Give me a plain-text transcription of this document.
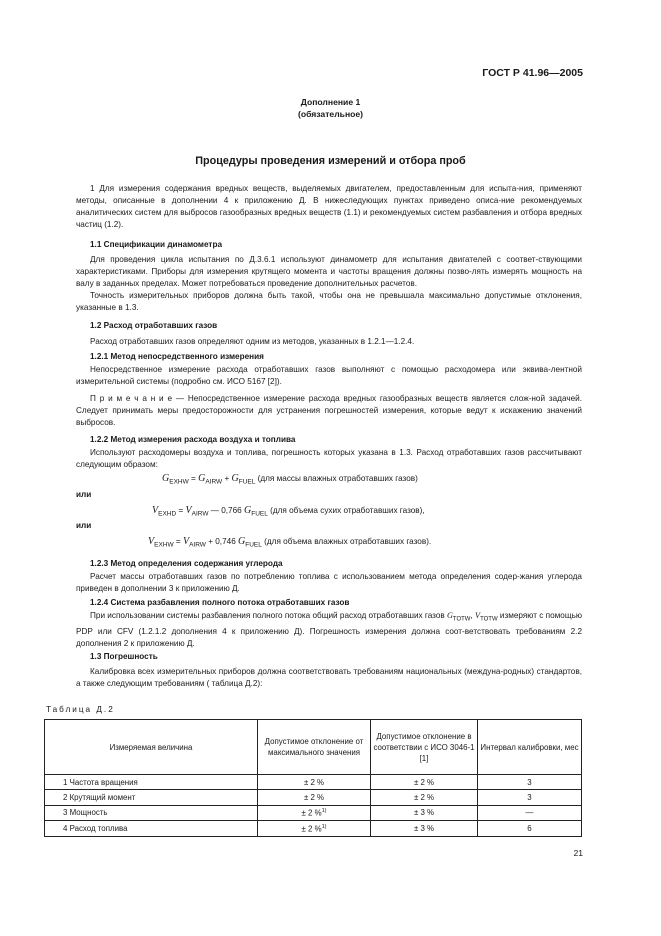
ГОСТ Р 41.96—2005
Дополнение 1
(обязательное)
Процедуры проведения измерений и отбора проб
1 Для измерения содержания вредных веществ, выделяемых двигателем, предоставленным для испыта-ния, применяют методы, описанные в дополнении 4 к приложению Д. В нижеследующих пунктах приведено описа-ние рекомендуемых аналитических систем для выбросов газообразных вредных веществ (1.1) и рекомендуемых систем разбавления и отбора вредных частиц (1.2).
1.1 Спецификации динамометра
Для проведения цикла испытания по Д.3.6.1 используют динамометр для испытания двигателей с соответ-ствующими характеристиками. Приборы для измерения крутящего момента и частоты вращения должны позво-лять измерять мощность на валу в заданных пределах. Может потребоваться проведение дополнительных расчетов.
Точность измерительных приборов должна быть такой, чтобы она не превышала максимально допустимые отклонения, указанные в 1.3.
1.2 Расход отработавших газов
Расход отработавших газов определяют одним из методов, указанных в 1.2.1—1.2.4.
1.2.1 Метод непосредственного измерения
Непосредственное измерение расхода отработавших газов выполняют с помощью расходомера или эквива-лентной измерительной системы (подробно см. ИСО 5167 [2]).
П р и м е ч а н и е — Непосредственное измерение расхода вредных газообразных веществ является слож-ной задачей. Следует принимать меры предосторожности для устранения погрешностей измерения, которые ведут к искажению значений выбросов.
1.2.2 Метод измерения расхода воздуха и топлива
Используют расходомеры воздуха и топлива, погрешность которых указана в 1.3. Расход отработавших газов рассчитывают следующим образом:
$G_{EXHW} = G_{AIRW} + G_{FUEL}$ (для массы влажных отработавших газов)
или
$V_{EXHD} = V_{AIRW}$ — 0,766 $G_{FUEL}$ (для объема сухих отработавших газов),
или
$V_{EXHW} = V_{AIRW} + 0,746$ $G_{FUEL}$ (для объема влажных отработавших газов).
1.2.3 Метод определения содержания углерода
Расчет массы отработавших газов по потреблению топлива с использованием метода определения содер-жания углерода приведен в дополнении 3 к приложению Д.
1.2.4 Система разбавления полного потока отработавших газов
При использовании системы разбавления полного потока общий расход отработавших газов $G_{TOTW}$, $V_{TOTW}$ измеряют с помощью PDP или CFV (1.2.1.2 дополнения 4 к приложению Д). Погрешность измерения должна соот-ветствовать требованиям 2.2 дополнения 2 к приложению Д.
1.3 Погрешность
Калибровка всех измерительных приборов должна соответствовать требованиям национальных (междуна-родных) стандартов, а также следующим требованиям ( таблица Д.2):
Таблица Д.2
Измеряемая величина	Допустимое отклонение от максимального значения	Допустимое отклонение в соответствии с ИСО 3046-1 [1]	Интервал калибровки, мес
1 Частота вращения	± 2 %	± 2 %	3
2 Крутящий момент	± 2 %	± 2 %	3
3 Мощность	± 2 %$^{1)}$	± 3 %	—
4 Расход топлива	± 2 %$^{1)}$	± 3 %	6
21
